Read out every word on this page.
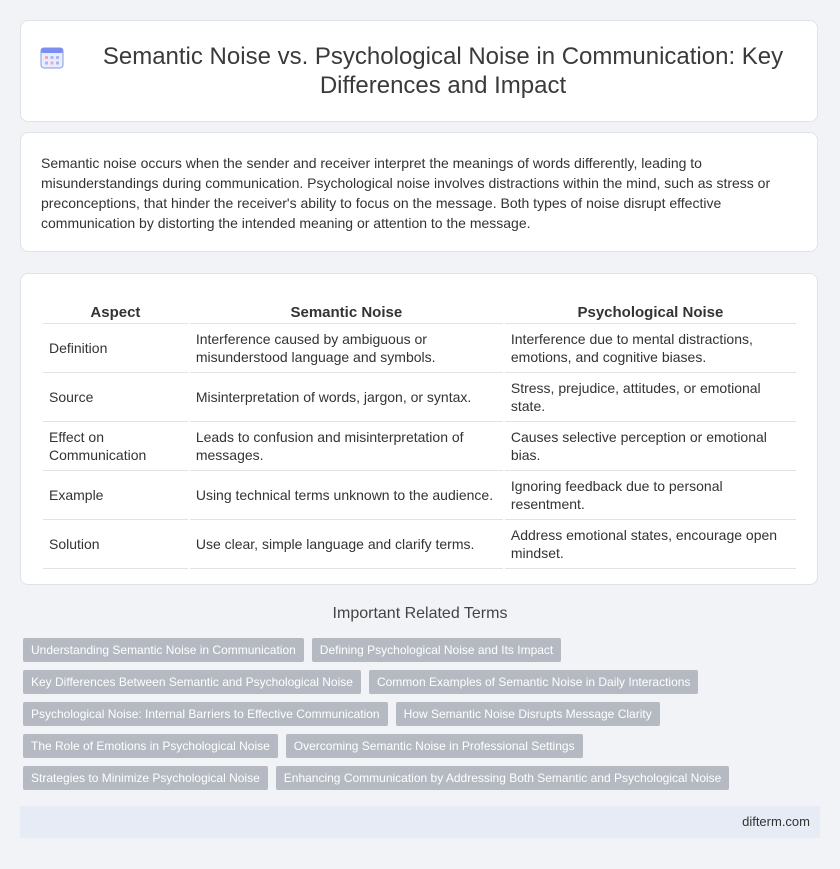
Semantic Noise vs. Psychological Noise in Communication: Key Differences and Impact

Semantic noise occurs when the sender and receiver interpret the meanings of words differently, leading to misunderstandings during communication. Psychological noise involves distractions within the mind, such as stress or preconceptions, that hinder the receiver's ability to focus on the message. Both types of noise disrupt effective communication by distorting the intended meaning or attention to the message.

Aspect	Semantic Noise	Psychological Noise
Definition	Interference caused by ambiguous or misunderstood language and symbols.	Interference due to mental distractions, emotions, and cognitive biases.
Source	Misinterpretation of words, jargon, or syntax.	Stress, prejudice, attitudes, or emotional state.
Effect on Communication	Leads to confusion and misinterpretation of messages.	Causes selective perception or emotional bias.
Example	Using technical terms unknown to the audience.	Ignoring feedback due to personal resentment.
Solution	Use clear, simple language and clarify terms.	Address emotional states, encourage open mindset.
Important Related Terms
Understanding Semantic Noise in Communication	Defining Psychological Noise and Its Impact
Key Differences Between Semantic and Psychological Noise	Common Examples of Semantic Noise in Daily Interactions
Psychological Noise: Internal Barriers to Effective Communication	How Semantic Noise Disrupts Message Clarity
The Role of Emotions in Psychological Noise	Overcoming Semantic Noise in Professional Settings
Strategies to Minimize Psychological Noise	Enhancing Communication by Addressing Both Semantic and Psychological Noise
difterm.com
